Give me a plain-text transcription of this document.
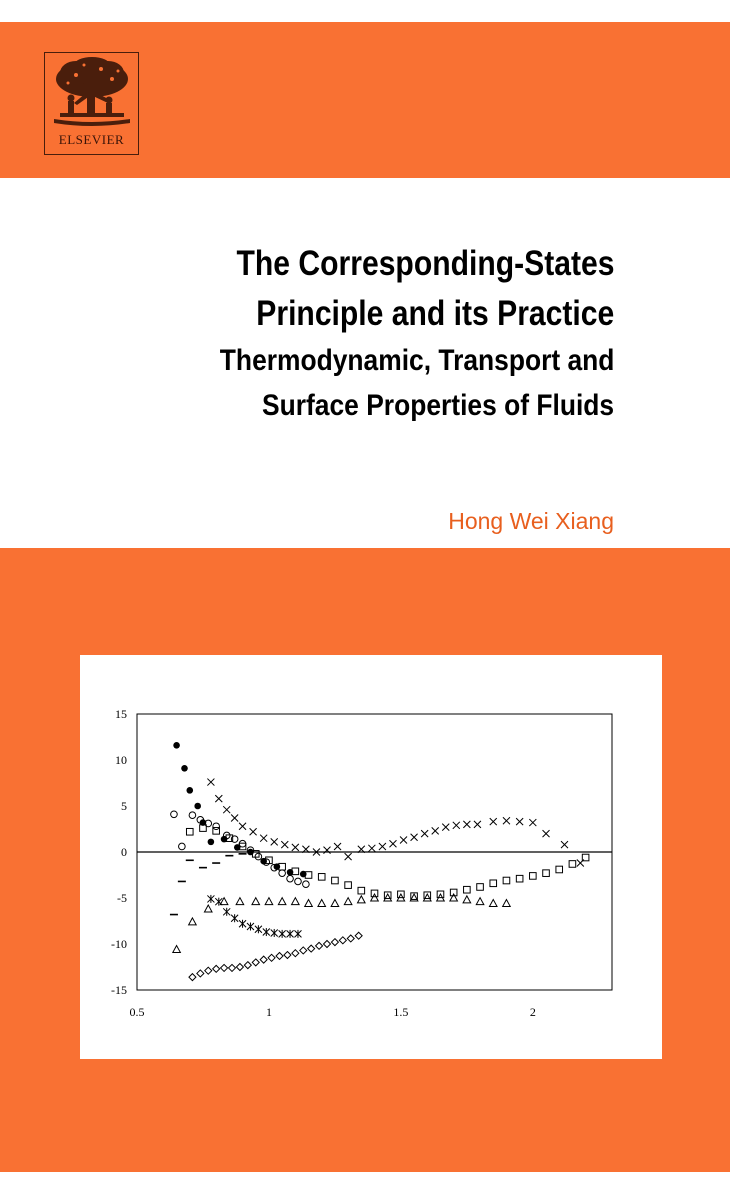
ELSEVIER
The Corresponding-States
Principle and its Practice
Thermodynamic, Transport and
Surface Properties of Fluids
Hong Wei Xiang
15
10
5
0
-5
-10
-15
0.5	1	1.5	2
